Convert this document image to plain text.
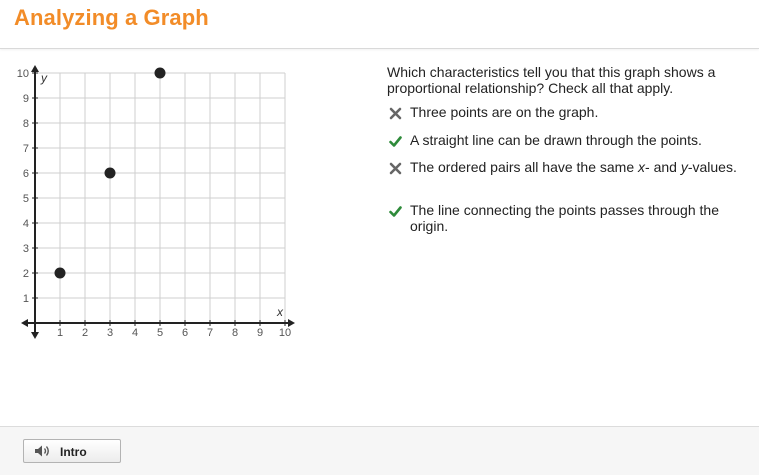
Analyzing a Graph
1 2 3 4 5 6 7 8 9 10
1
2
3
4
5
6
7
8
9
10
x
y	Which characteristics tell you that this graph shows a proportional relationship? Check all that apply.
Three points are on the graph.
A straight line can be drawn through the points.
The ordered pairs all have the same x- and y-values.
The line connecting the points passes through the origin.
Intro
